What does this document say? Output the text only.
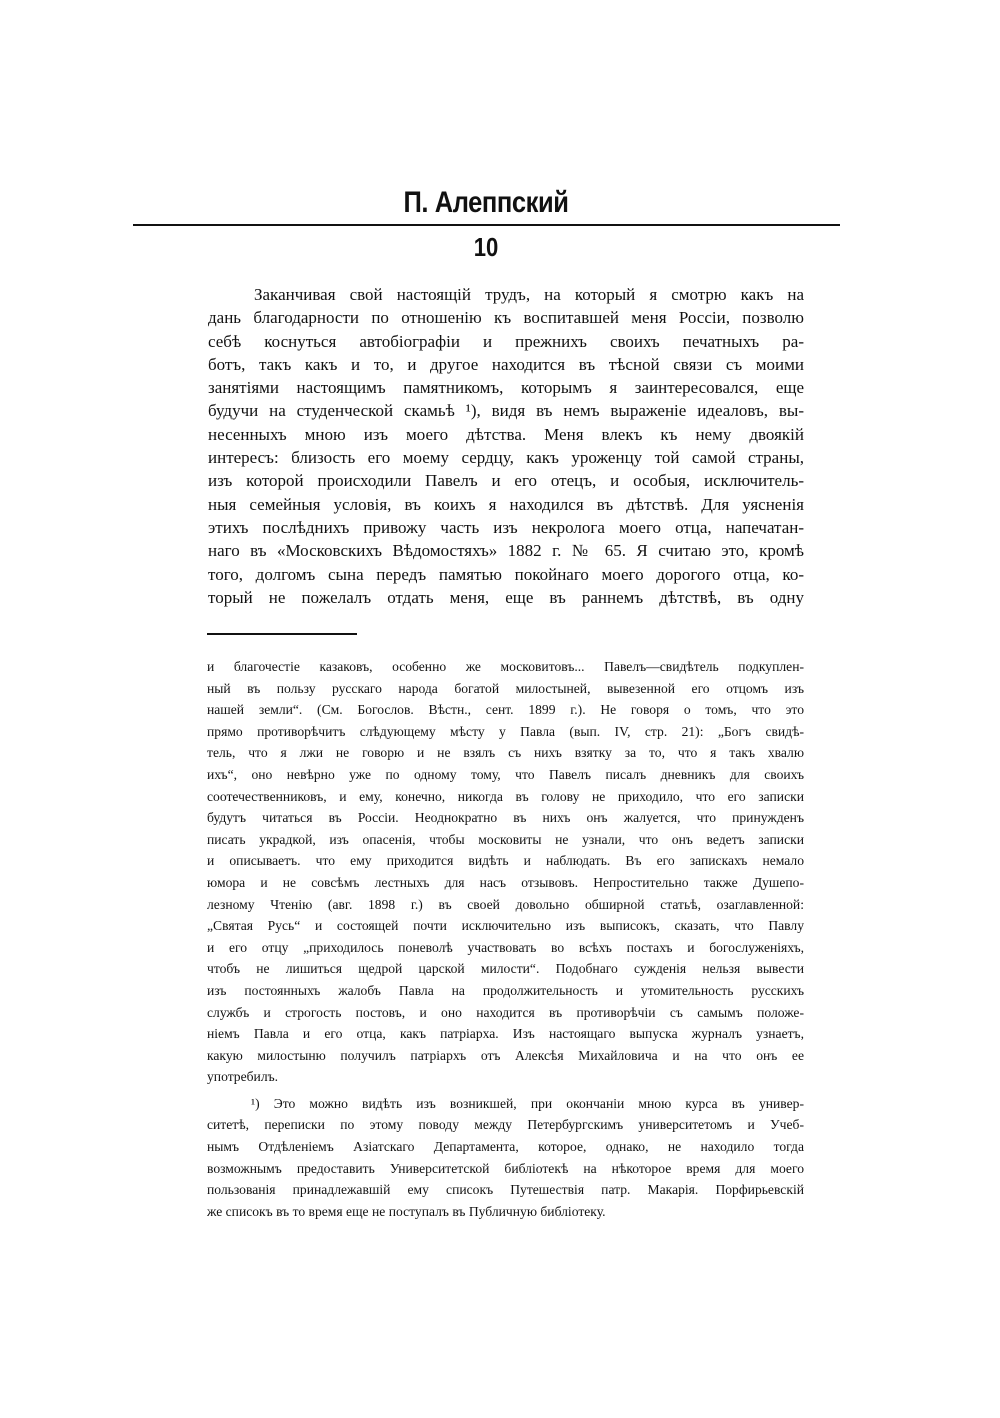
П. Алеппский
10
Заканчивая свой настоящій трудъ, на который я смотрю какъ на
дань благодарности по отношенію къ воспитавшей меня Россіи, позволю
себѣ коснуться автобіографіи и прежнихъ своихъ печатныхъ ра-
ботъ, такъ какъ и то, и другое находится въ тѣсной связи съ моими
занятіями настоящимъ памятникомъ, которымъ я заинтересовался, еще
будучи на студенческой скамьѣ ¹), видя въ немъ выраженіе идеаловъ, вы-
несенныхъ мною изъ моего дѣтства. Меня влекъ къ нему двоякій
интересъ: близость его моему сердцу, какъ уроженцу той самой страны,
изъ которой происходили Павелъ и его отецъ, и особыя, исключитель-
ныя семейныя условія, въ коихъ я находился въ дѣтствѣ. Для уясненія
этихъ послѣднихъ привожу часть изъ некролога моего отца, напечатан-
наго въ «Московскихъ Вѣдомостяхъ» 1882 г. № 65. Я считаю это, кромѣ
того, долгомъ сына передъ памятью покойнаго моего дорогого отца, ко-
торый не пожелалъ отдать меня, еще въ раннемъ дѣтствѣ, въ одну
и благочестіе казаковъ, особенно же московитовъ... Павелъ—свидѣтель подкуплен-
ный въ пользу русскаго народа богатой милостыней, вывезенной его отцомъ изъ
нашей земли“. (См. Богослов. Вѣстн., сент. 1899 г.). Не говоря о томъ, что это
прямо противорѣчитъ слѣдующему мѣсту у Павла (вып. IV, стр. 21): „Богъ свидѣ-
тель, что я лжи не говорю и не взялъ съ нихъ взятку за то, что я такъ хвалю
ихъ“, оно невѣрно уже по одному тому, что Павелъ писалъ дневникъ для своихъ
соотечественниковъ, и ему, конечно, никогда въ голову не приходило, что его записки
будутъ читаться въ Россіи. Неоднократно въ нихъ онъ жалуется, что принужденъ
писать украдкой, изъ опасенія, чтобы московиты не узнали, что онъ ведетъ записки
и описываетъ. что ему приходится видѣть и наблюдать. Въ его запискахъ немало
юмора и не совсѣмъ лестныхъ для насъ отзывовъ. Непростительно также Душепо-
лезному Чтенію (авг. 1898 г.) въ своей довольно обширной статьѣ, озаглавленной:
„Святая Русь“ и состоящей почти исключительно изъ выписокъ, сказать, что Павлу
и его отцу „приходилось поневолѣ участвовать во всѣхъ постахъ и богослуженіяхъ,
чтобъ не лишиться щедрой царской милости“. Подобнаго сужденія нельзя вывести
изъ постоянныхъ жалобъ Павла на продолжительность и утомительность русскихъ
службъ и строгость постовъ, и оно находится въ противорѣчіи съ самымъ положе-
ніемъ Павла и его отца, какъ патріарха. Изъ настоящаго выпуска журналъ узнаетъ,
какую милостыню получилъ патріархъ отъ Алексѣя Михайловича и на что онъ ее
употребилъ.
¹) Это можно видѣть изъ возникшей, при окончаніи мною курса въ универ-
ситетѣ, переписки по этому поводу между Петербургскимъ университетомъ и Учеб-
нымъ Отдѣленіемъ Азіатскаго Департамента, которое, однако, не находило тогда
возможнымъ предоставить Университетской библіотекѣ на нѣкоторое время для моего
пользованія принадлежавшій ему списокъ Путешествія патр. Макарія. Порфирьевскій
же списокъ въ то время еще не поступалъ въ Публичную библіотеку.
